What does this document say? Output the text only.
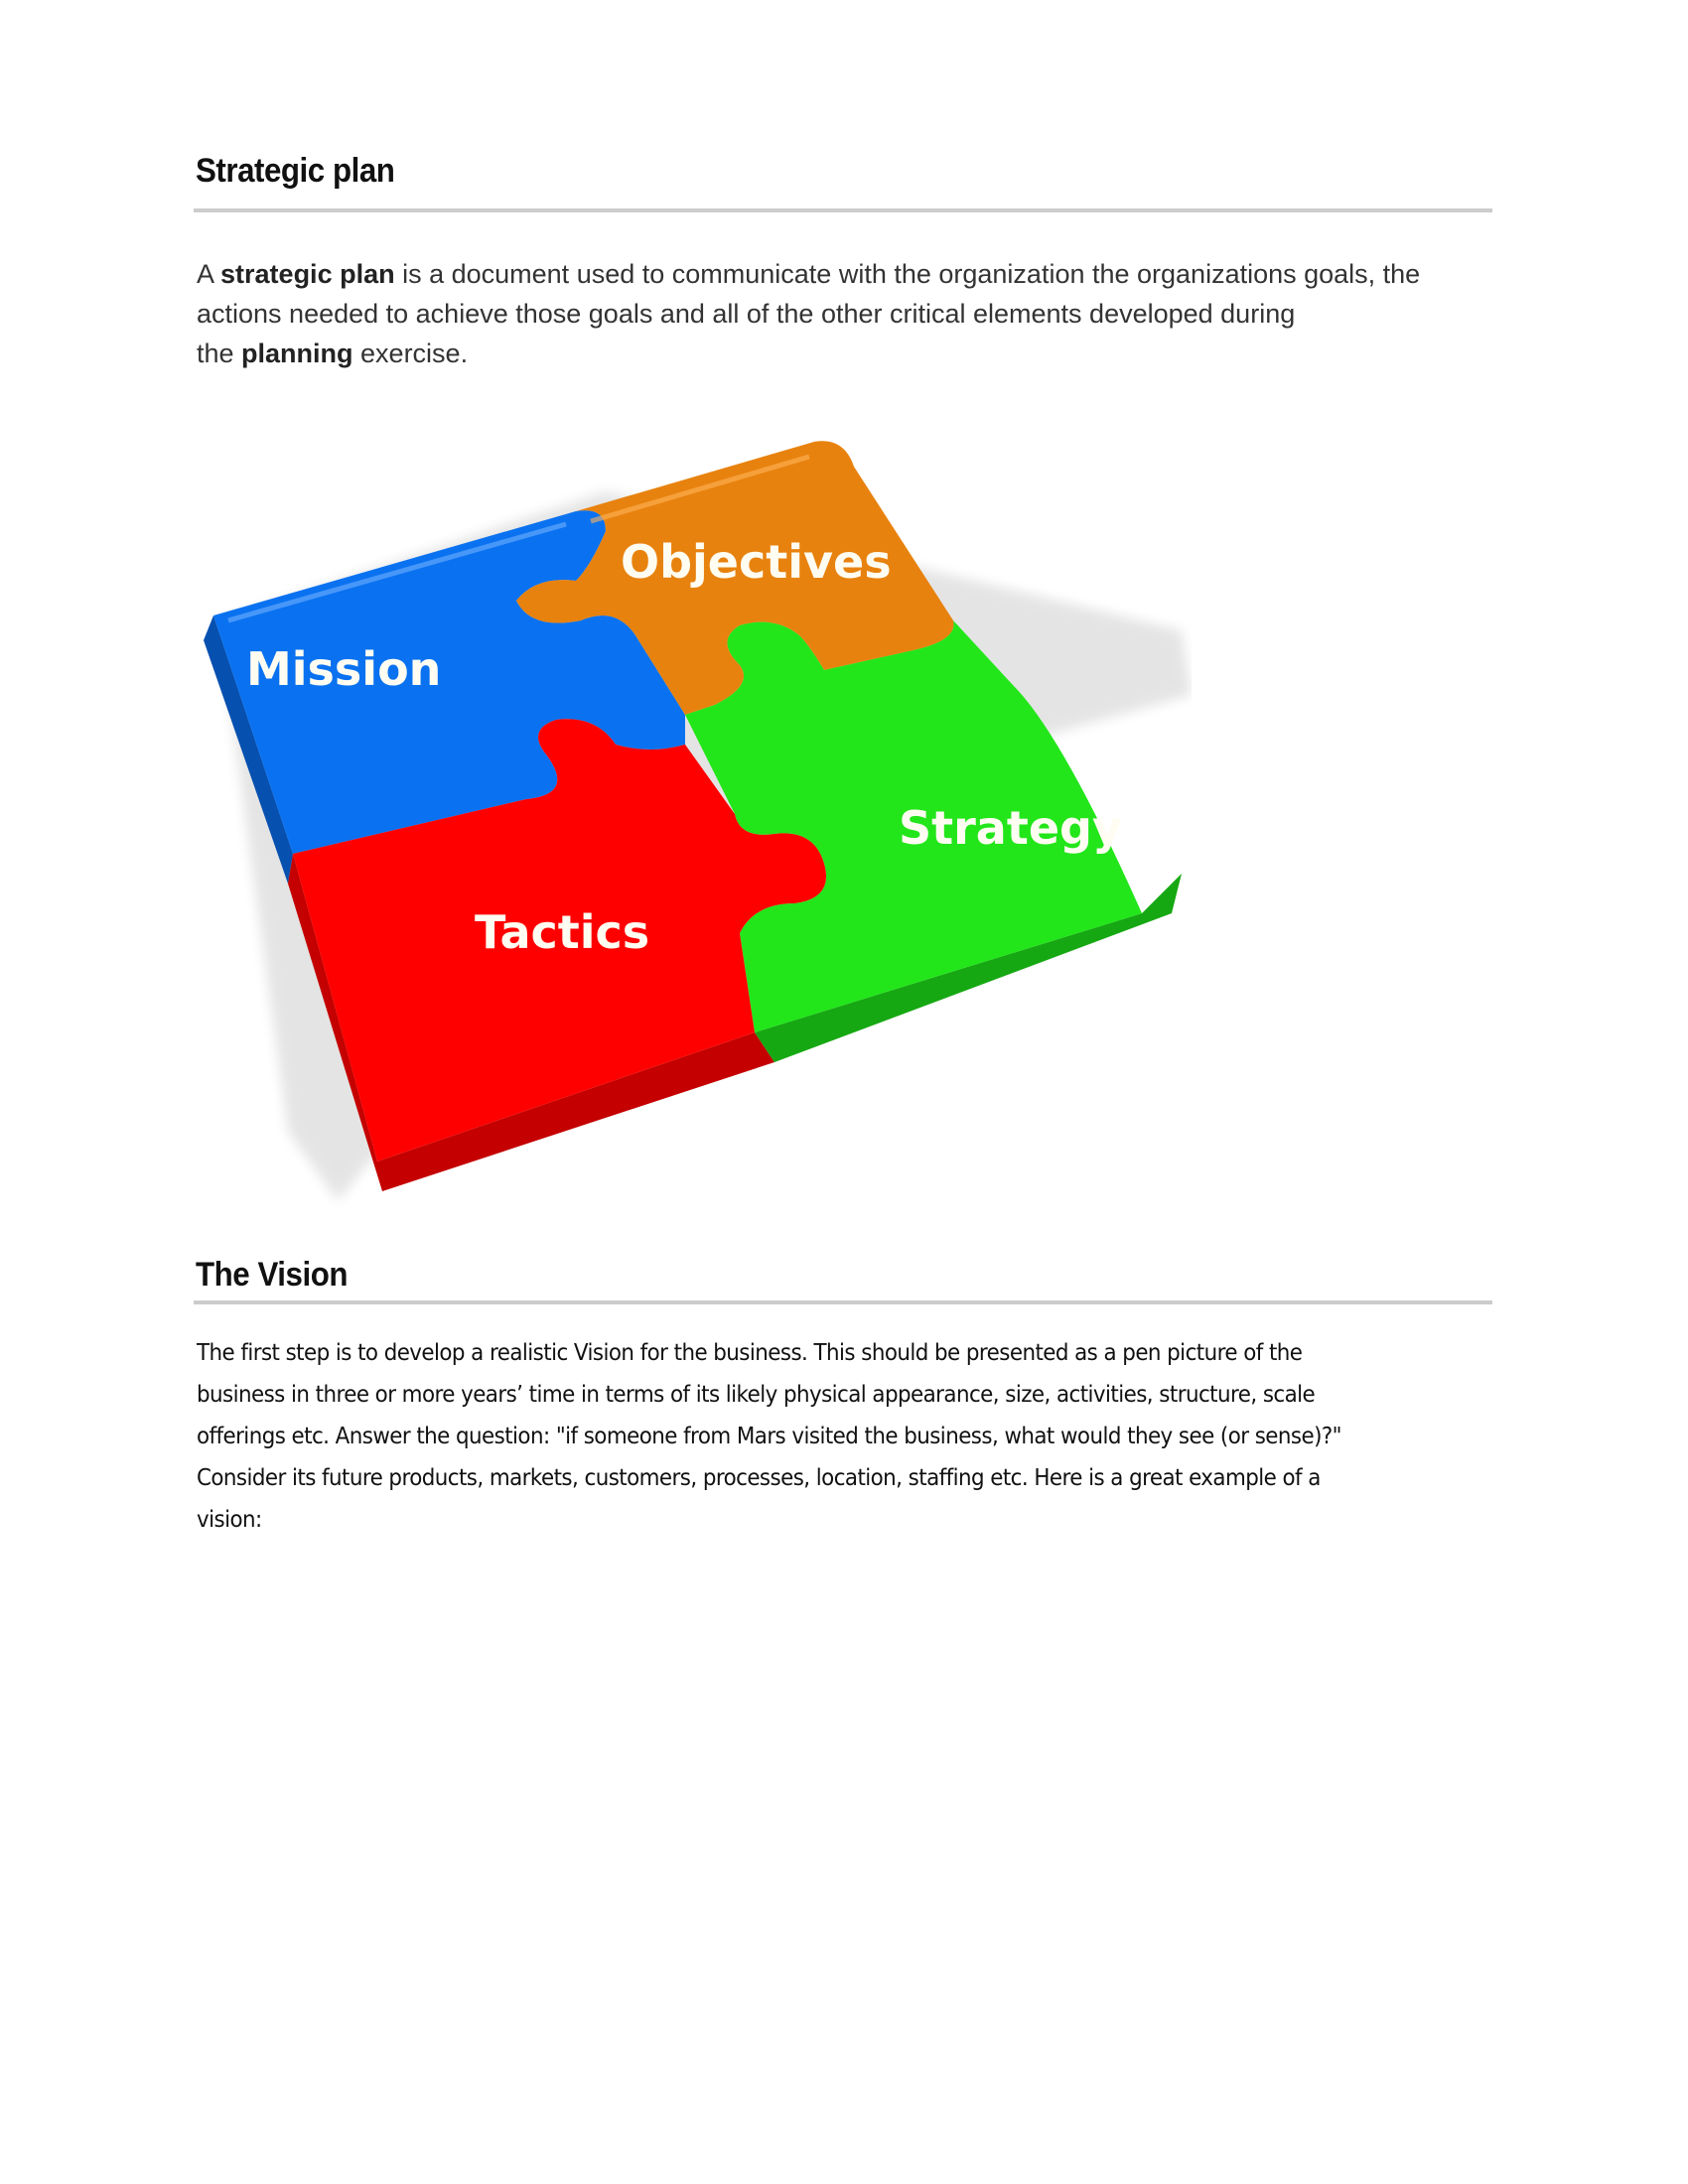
Strategic plan
A strategic plan is a document used to communicate with the organization the organizations goals, the
actions needed to achieve those goals and all of the other critical elements developed during
the planning exercise.
Mission
Objectives
Strategy
Tactics
The Vision
The first step is to develop a realistic Vision for the business. This should be presented as a pen picture of the
business in three or more years’ time in terms of its likely physical appearance, size, activities, structure, scale
offerings etc. Answer the question: "if someone from Mars visited the business, what would they see (or sense)?"
Consider its future products, markets, customers, processes, location, staffing etc. Here is a great example of a
vision:
